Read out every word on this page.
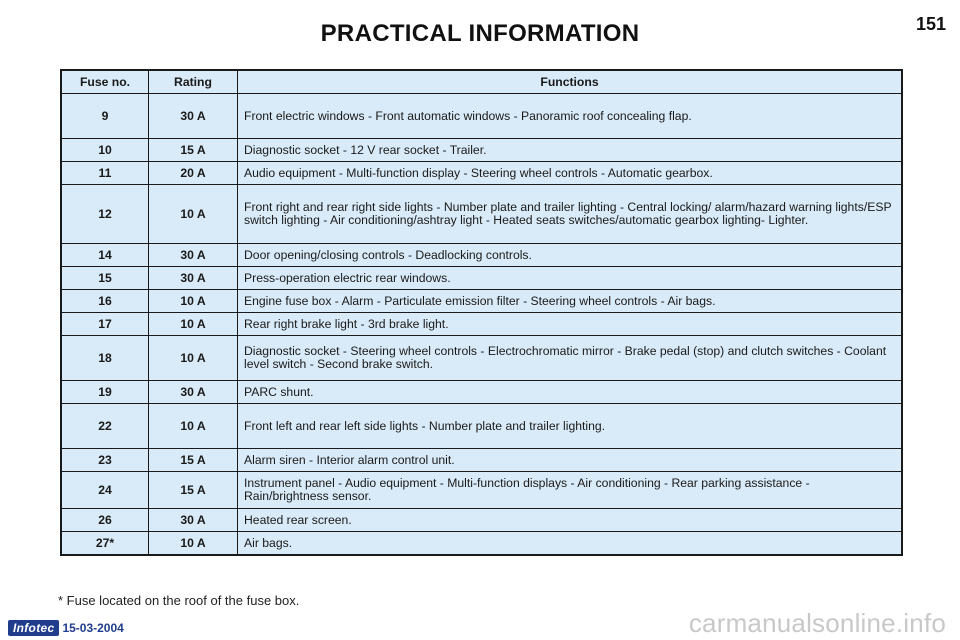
PRACTICAL INFORMATION	151
Fuse no.	Rating	Functions
9	30 A	Front electric windows - Front automatic windows - Panoramic roof concealing flap.
10	15 A	Diagnostic socket - 12 V rear socket - Trailer.
11	20 A	Audio equipment - Multi-function display - Steering wheel controls - Automatic gearbox.
12	10 A	Front right and rear right side lights - Number plate and trailer lighting - Central locking/ alarm/hazard warning lights/ESP switch lighting - Air conditioning/ashtray light - Heated seats switches/automatic gearbox lighting- Lighter.
14	30 A	Door opening/closing controls - Deadlocking controls.
15	30 A	Press-operation electric rear windows.
16	10 A	Engine fuse box - Alarm - Particulate emission filter - Steering wheel controls - Air bags.
17	10 A	Rear right brake light - 3rd brake light.
18	10 A	Diagnostic socket - Steering wheel controls - Electrochromatic mirror - Brake pedal (stop) and clutch switches - Coolant level switch - Second brake switch.
19	30 A	PARC shunt.
22	10 A	Front left and rear left side lights - Number plate and trailer lighting.
23	15 A	Alarm siren - Interior alarm control unit.
24	15 A	Instrument panel - Audio equipment - Multi-function displays - Air conditioning - Rear parking assistance - Rain/brightness sensor.
26	30 A	Heated rear screen.
27*	10 A	Air bags.
* Fuse located on the roof of the fuse box.
Infotec 15-03-2004	carmanualsonline.info
